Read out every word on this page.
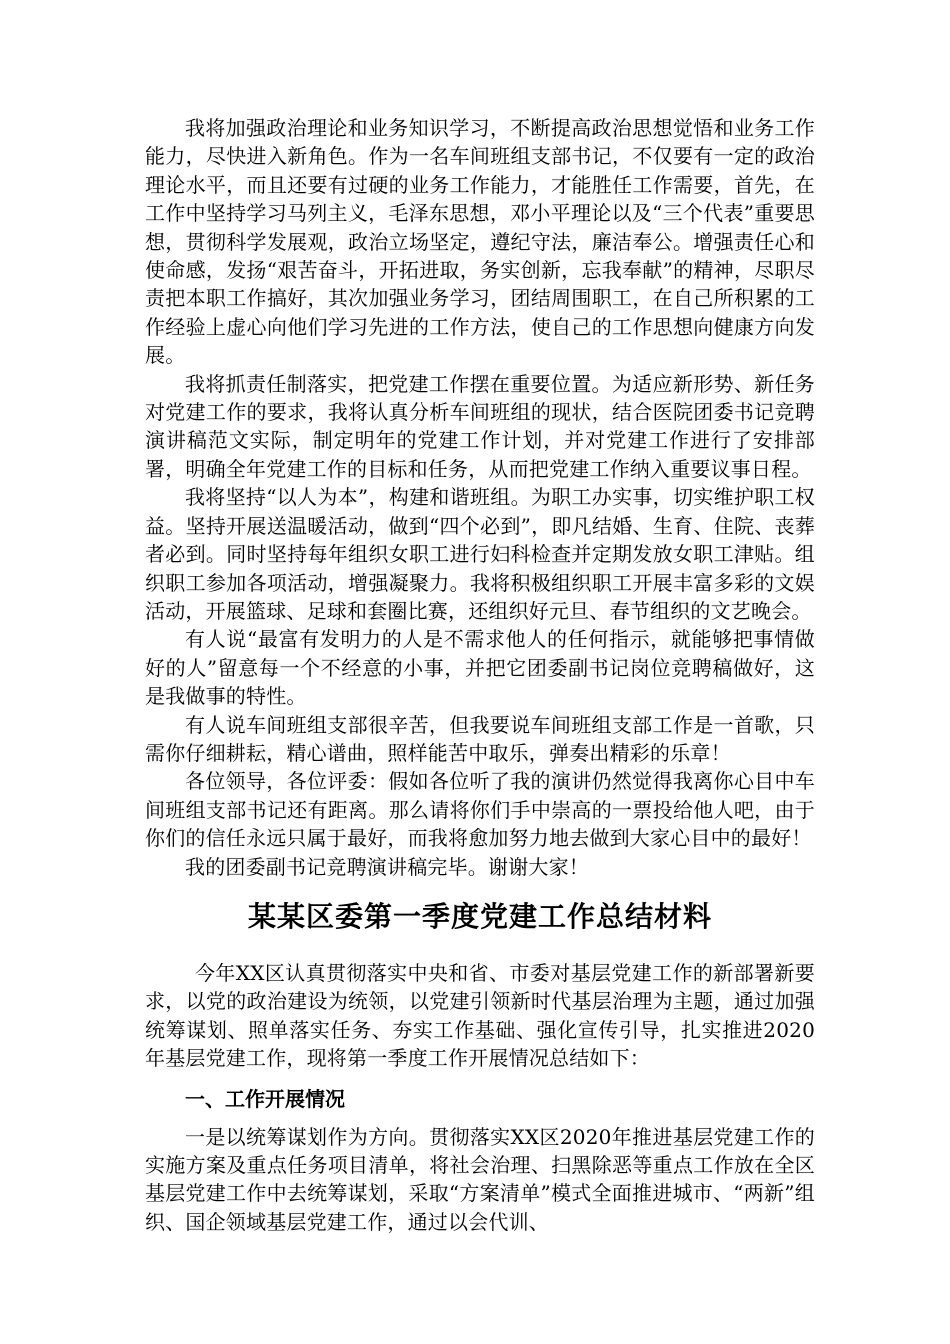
我将加强政治理论和业务知识学习，不断提高政治思想觉悟和业务工作能力，尽快进入新角色。作为一名车间班组支部书记，不仅要有一定的政治理论水平，而且还要有过硬的业务工作能力，才能胜任工作需要，首先，在工作中坚持学习马列主义，毛泽东思想，邓小平理论以及“三个代表”重要思想，贯彻科学发展观，政治立场坚定，遵纪守法，廉洁奉公。增强责任心和使命感，发扬“艰苦奋斗，开拓进取，务实创新，忘我奉献”的精神，尽职尽责把本职工作搞好，其次加强业务学习，团结周围职工，在自己所积累的工作经验上虚心向他们学习先进的工作方法，使自己的工作思想向健康方向发展。

我将抓责任制落实，把党建工作摆在重要位置。为适应新形势、新任务对党建工作的要求，我将认真分析车间班组的现状，结合医院团委书记竞聘演讲稿范文实际，制定明年的党建工作计划，并对党建工作进行了安排部署，明确全年党建工作的目标和任务，从而把党建工作纳入重要议事日程。

我将坚持“以人为本”，构建和谐班组。为职工办实事，切实维护职工权益。坚持开展送温暖活动，做到“四个必到”，即凡结婚、生育、住院、丧葬者必到。同时坚持每年组织女职工进行妇科检查并定期发放女职工津贴。组织职工参加各项活动，增强凝聚力。我将积极组织职工开展丰富多彩的文娱活动，开展篮球、足球和套圈比赛，还组织好元旦、春节组织的文艺晚会。

有人说“最富有发明力的人是不需求他人的任何指示，就能够把事情做好的人”留意每一个不经意的小事，并把它团委副书记岗位竞聘稿做好，这是我做事的特性。

有人说车间班组支部很辛苦，但我要说车间班组支部工作是一首歌，只需你仔细耕耘，精心谱曲，照样能苦中取乐，弹奏出精彩的乐章！

各位领导，各位评委：假如各位听了我的演讲仍然觉得我离你心目中车间班组支部书记还有距离。那么请将你们手中崇高的一票投给他人吧，由于你们的信任永远只属于最好，而我将愈加努力地去做到大家心目中的最好！

我的团委副书记竞聘演讲稿完毕。谢谢大家！

某某区委第一季度党建工作总结材料

今年XX区认真贯彻落实中央和省、市委对基层党建工作的新部署新要求，以党的政治建设为统领，以党建引领新时代基层治理为主题，通过加强统筹谋划、照单落实任务、夯实工作基础、强化宣传引导，扎实推进2020年基层党建工作，现将第一季度工作开展情况总结如下：

一、工作开展情况

一是以统筹谋划作为方向。贯彻落实XX区2020年推进基层党建工作的实施方案及重点任务项目清单，将社会治理、扫黑除恶等重点工作放在全区基层党建工作中去统筹谋划，采取“方案清单”模式全面推进城市、“两新”组织、国企领域基层党建工作，通过以会代训、
